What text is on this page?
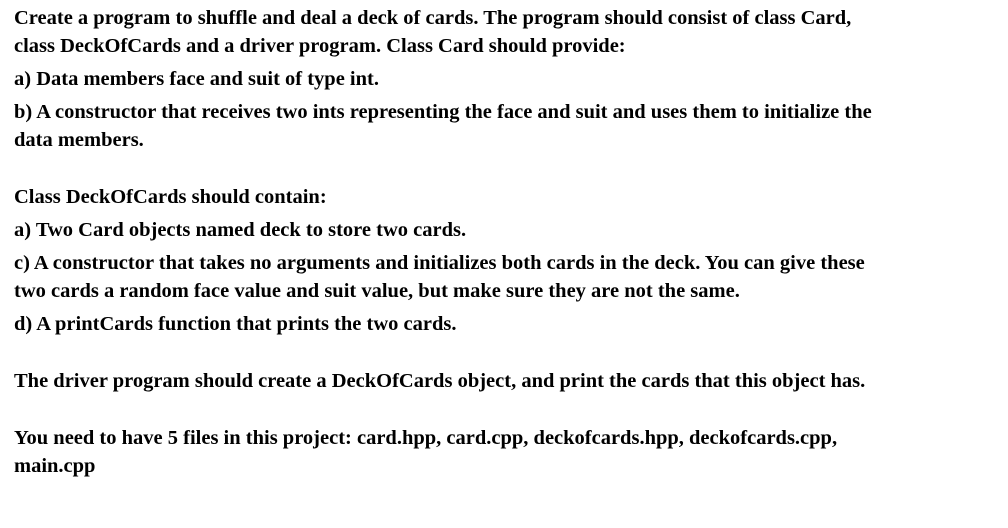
Create a program to shuffle and deal a deck of cards. The program should consist of class Card,

class DeckOfCards and a driver program. Class Card should provide:

a) Data members face and suit of type int.

b) A constructor that receives two ints representing the face and suit and uses them to initialize the

data members.

Class DeckOfCards should contain:

a) Two Card objects named deck to store two cards.

c) A constructor that takes no arguments and initializes both cards in the deck. You can give these

two cards a random face value and suit value, but make sure they are not the same.

d) A printCards function that prints the two cards.

The driver program should create a DeckOfCards object, and print the cards that this object has.

You need to have 5 files in this project: card.hpp, card.cpp, deckofcards.hpp, deckofcards.cpp,

main.cpp
